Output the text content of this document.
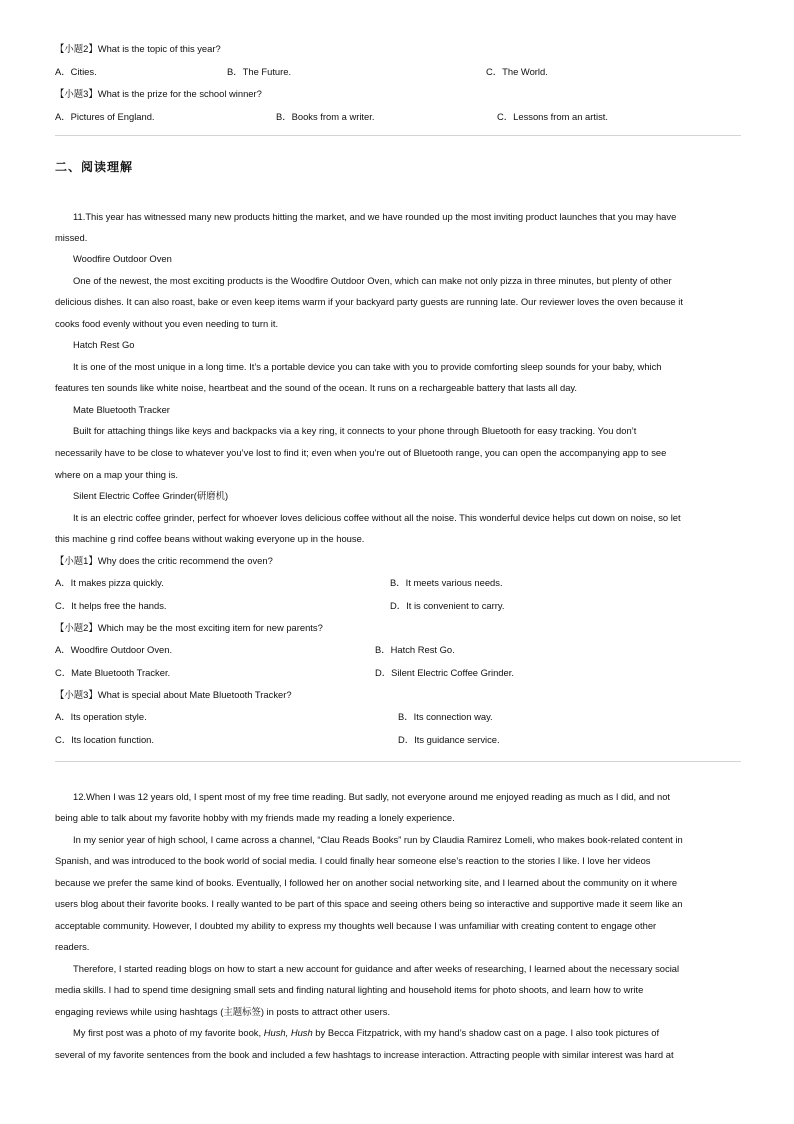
【小题2】What is the topic of this year?
A．Cities.	B．The Future.	C．The World.
【小题3】What is the prize for the school winner?
A．Pictures of England.	B．Books from a writer.	C．Lessons from an artist.
二、阅读理解
11.This year has witnessed many new products hitting the market, and we have rounded up the most inviting product launches that you may have
missed.
Woodfire Outdoor Oven
One of the newest, the most exciting products is the Woodfire Outdoor Oven, which can make not only pizza in three minutes, but plenty of other
delicious dishes. It can also roast, bake or even keep items warm if your backyard party guests are running late. Our reviewer loves the oven because it
cooks food evenly without you even needing to turn it.
Hatch Rest Go
It is one of the most unique in a long time. It’s a portable device you can take with you to provide comforting sleep sounds for your baby, which
features ten sounds like white noise, heartbeat and the sound of the ocean. It runs on a rechargeable battery that lasts all day.
Mate Bluetooth Tracker
Built for attaching things like keys and backpacks via a key ring, it connects to your phone through Bluetooth for easy tracking. You don’t
necessarily have to be close to whatever you’ve lost to find it; even when you’re out of Bluetooth range, you can open the accompanying app to see
where on a map your thing is.
Silent Electric Coffee Grinder(研磨机)
It is an electric coffee grinder, perfect for whoever loves delicious coffee without all the noise. This wonderful device helps cut down on noise, so let
this machine g rind coffee beans without waking everyone up in the house.
【小题1】Why does the critic recommend the oven?
A．It makes pizza quickly.	B．It meets various needs.
C．It helps free the hands.	D．It is convenient to carry.
【小题2】Which may be the most exciting item for new parents?
A．Woodfire Outdoor Oven.	B．Hatch Rest Go.
C．Mate Bluetooth Tracker.	D．Silent Electric Coffee Grinder.
【小题3】What is special about Mate Bluetooth Tracker?
A．Its operation style.	B．Its connection way.
C．Its location function.	D．Its guidance service.
12.When I was 12 years old, I spent most of my free time reading. But sadly, not everyone around me enjoyed reading as much as I did, and not
being able to talk about my favorite hobby with my friends made my reading a lonely experience.
In my senior year of high school, I came across a channel, “Clau Reads Books” run by Claudia Ramirez Lomeli, who makes book-related content in
Spanish, and was introduced to the book world of social media. I could finally hear someone else’s reaction to the stories I like. I love her videos
because we prefer the same kind of books. Eventually, I followed her on another social networking site, and I learned about the community on it where
users blog about their favorite books. I really wanted to be part of this space and seeing others being so interactive and supportive made it seem like an
acceptable community. However, I doubted my ability to express my thoughts well because I was unfamiliar with creating content to engage other
readers.
Therefore, I started reading blogs on how to start a new account for guidance and after weeks of researching, I learned about the necessary social
media skills. I had to spend time designing small sets and finding natural lighting and household items for photo shoots, and learn how to write
engaging reviews while using hashtags (主题标签) in posts to attract other users.
My first post was a photo of my favorite book, Hush, Hush by Becca Fitzpatrick, with my hand’s shadow cast on a page. I also took pictures of
several of my favorite sentences from the book and included a few hashtags to increase interaction. Attracting people with similar interest was hard at
